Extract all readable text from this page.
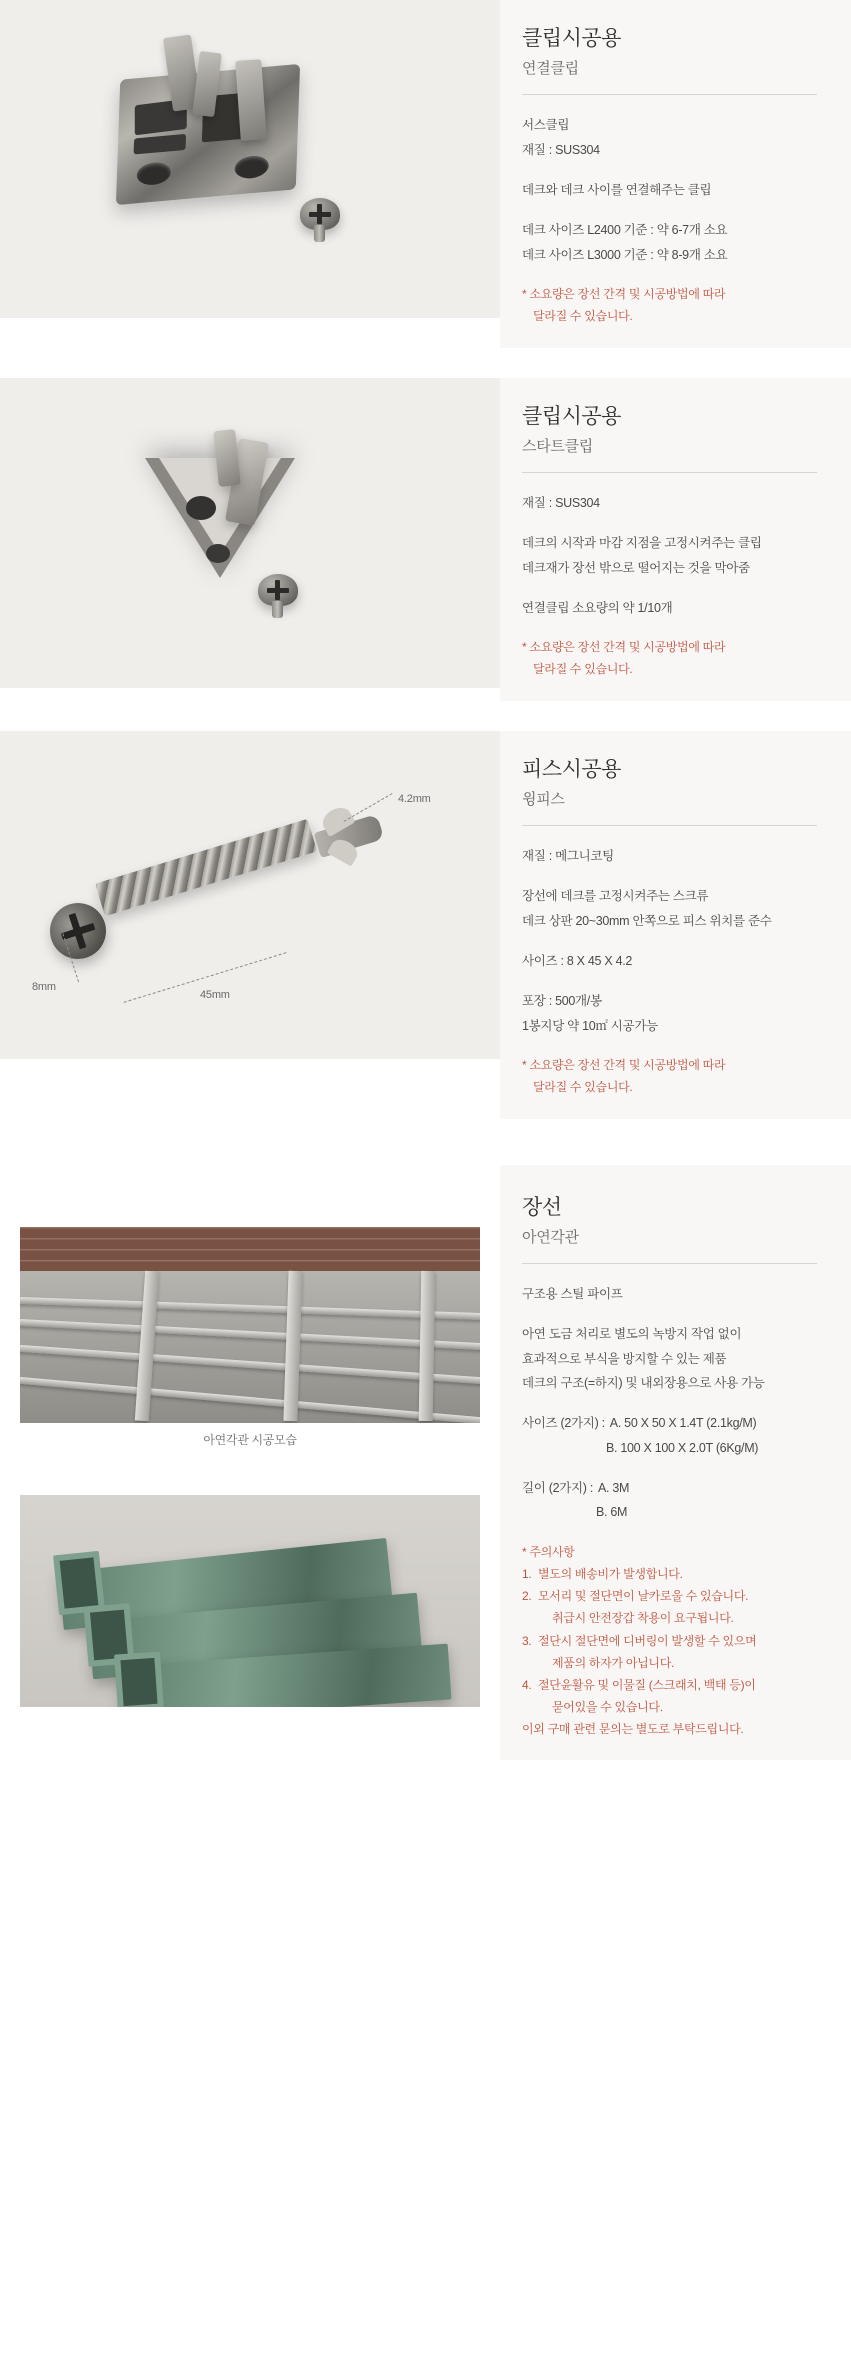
클립시공용
연결클립
서스클립
재질 : SUS304
데크와 데크 사이를 연결해주는 클립
데크 사이즈 L2400 기준 : 약 6-7개 소요
데크 사이즈 L3000 기준 : 약 8-9개 소요
* 소요량은 장선 간격 및 시공방법에 따라
달라질 수 있습니다.
클립시공용
스타트클립
재질 : SUS304
데크의 시작과 마감 지점을 고정시켜주는 클립
데크재가 장선 밖으로 떨어지는 것을 막아줌
연결클립 소요량의 약 1/10개
* 소요량은 장선 간격 및 시공방법에 따라
달라질 수 있습니다.
45mm
8mm
4.2mm
피스시공용
윙피스
재질 : 메그니코팅
장선에 데크를 고정시켜주는 스크류
데크 상판 20~30mm 안쪽으로 피스 위치를 준수
사이즈 : 8 X 45 X 4.2
포장 : 500개/봉
1봉지당 약 10㎡ 시공가능
* 소요량은 장선 간격 및 시공방법에 따라
달라질 수 있습니다.
아연각관 시공모습
장선
아연각관
구조용 스틸 파이프
아연 도금 처리로 별도의 녹방지 작업 없이
효과적으로 부식을 방지할 수 있는 제품
데크의 구조(=하지) 및 내외장용으로 사용 가능
사이즈 (2가지) : A. 50 X 50 X 1.4T (2.1kg/M)
B. 100 X 100 X 2.0T (6Kg/M)
길이 (2가지) : A. 3M
B. 6M
* 주의사항
1. 별도의 배송비가 발생합니다.
2. 모서리 및 절단면이 날카로울 수 있습니다.
취급시 안전장갑 착용이 요구됩니다.
3. 절단시 절단면에 디버링이 발생할 수 있으며
제품의 하자가 아닙니다.
4. 절단윤활유 및 이물질 (스크래치, 백태 등)이
묻어있을 수 있습니다.
이외 구매 관련 문의는 별도로 부탁드립니다.
